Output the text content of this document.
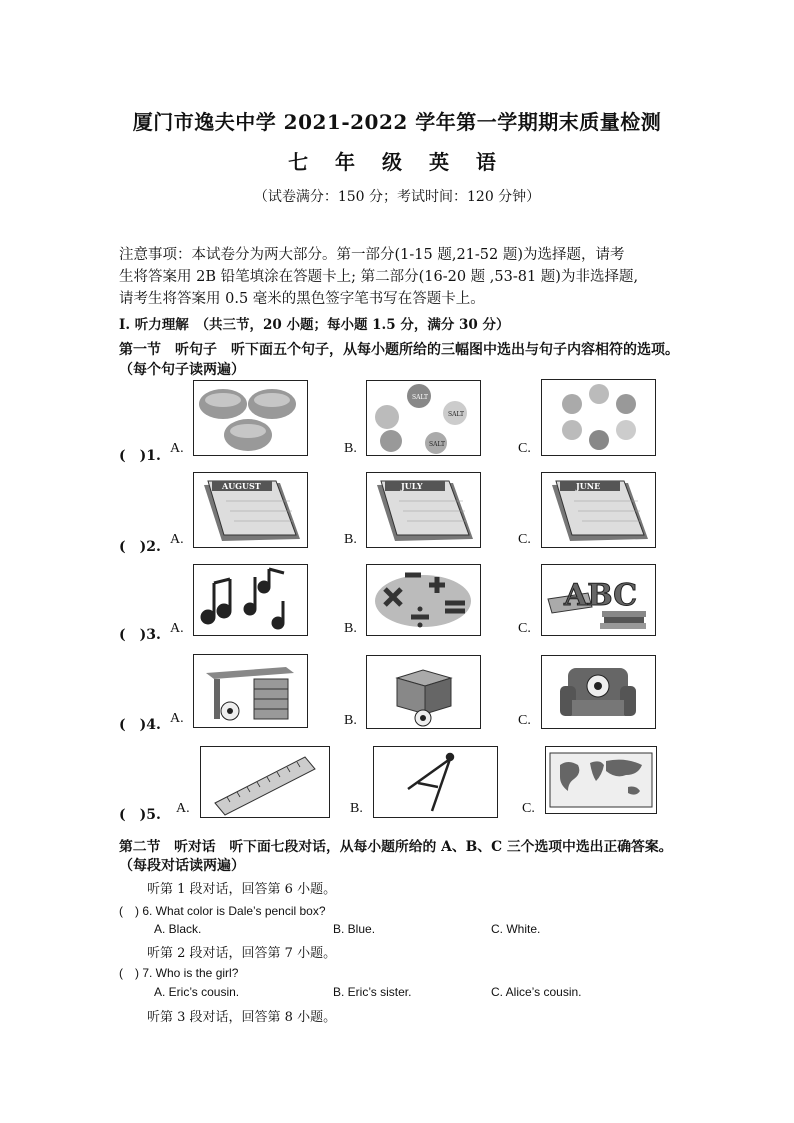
厦门市逸夫中学 2021-2022 学年第一学期期末质量检测
七 年 级 英 语
（试卷满分：150 分；考试时间：120 分钟）
注意事项：本试卷分为两大部分。第一部分(1-15 题,21-52 题)为选择题，请考
生将答案用 2B 铅笔填涂在答题卡上; 第二部分(16-20 题 ,53-81 题)为非选择题,
请考生将答案用 0.5 毫米的黑色签字笔书写在答题卡上。
I. 听力理解　（共三节，20 小题；每小题 1.5 分，满分 30 分）
第一节　听句子　听下面五个句子，从每小题所给的三幅图中选出与句子内容相符的选项。
（每个句子读两遍）
(　)1. A.	B.
SALT
SALT
SALT	C.
(　)2. A.
AUGUST
B.
JULY
C.
JUNE
(　)3. A.	B.	C.
ABC
(　)4. A.	B.	C.
(　)5. A.	B.	C.
第二节　听对话　听下面七段对话，从每小题所给的 A、B、C 三个选项中选出正确答案。
（每段对话读两遍）
听第 1 段对话，回答第 6 小题。
(　) 6. What color is Dale’s pencil box?
A. Black.	B. Blue.	C. White.
听第 2 段对话，回答第 7 小题。
(　) 7. Who is the girl?
A. Eric’s cousin.	B. Eric’s sister.	C. Alice’s cousin.
听第 3 段对话，回答第 8 小题。
